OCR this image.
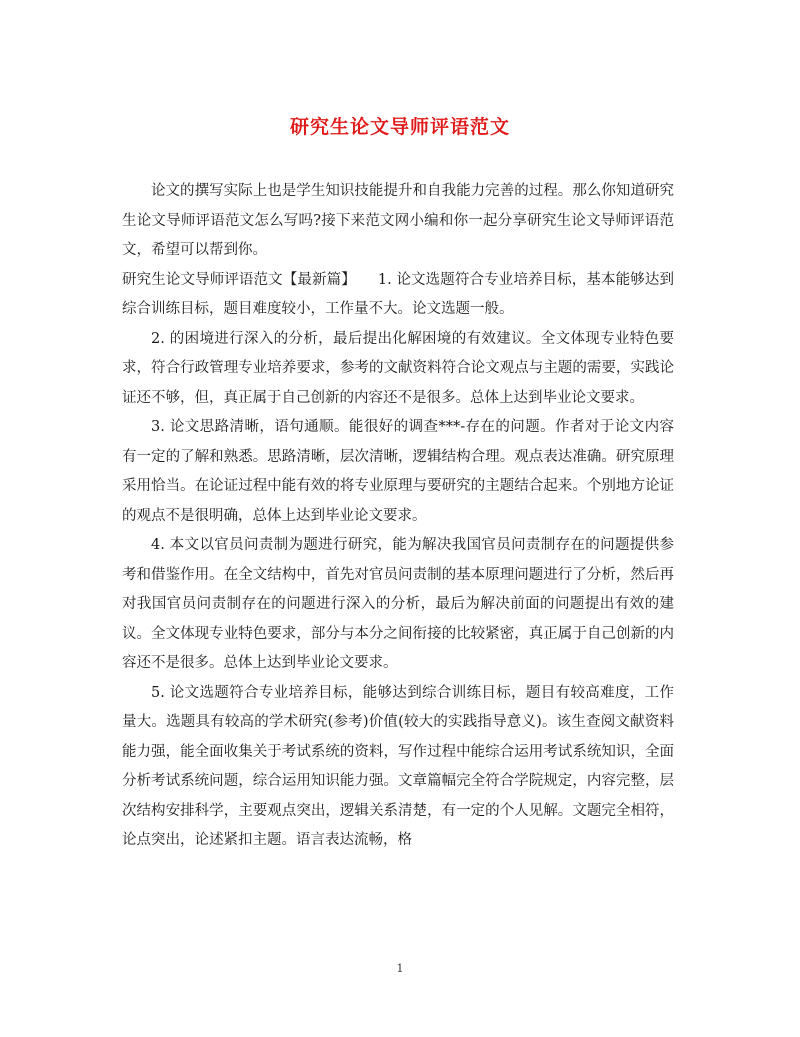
研究生论文导师评语范文

论文的撰写实际上也是学生知识技能提升和自我能力完善的过程。那么你知道研究生论文导师评语范文怎么写吗?接下来范文网小编和你一起分享研究生论文导师评语范文，希望可以帮到你。

研究生论文导师评语范文【最新篇】　　1. 论文选题符合专业培养目标，基本能够达到综合训练目标，题目难度较小，工作量不大。论文选题一般。

2. 的困境进行深入的分析，最后提出化解困境的有效建议。全文体现专业特色要求，符合行政管理专业培养要求，参考的文献资料符合论文观点与主题的需要，实践论证还不够，但，真正属于自己创新的内容还不是很多。总体上达到毕业论文要求。

3. 论文思路清晰，语句通顺。能很好的调查***-存在的问题。作者对于论文内容有一定的了解和熟悉。思路清晰，层次清晰，逻辑结构合理。观点表达准确。研究原理采用恰当。在论证过程中能有效的将专业原理与要研究的主题结合起来。个别地方论证的观点不是很明确，总体上达到毕业论文要求。

4. 本文以官员问责制为题进行研究，能为解决我国官员问责制存在的问题提供参考和借鉴作用。在全文结构中，首先对官员问责制的基本原理问题进行了分析，然后再对我国官员问责制存在的问题进行深入的分析，最后为解决前面的问题提出有效的建议。全文体现专业特色要求，部分与本分之间衔接的比较紧密，真正属于自己创新的内容还不是很多。总体上达到毕业论文要求。

5. 论文选题符合专业培养目标，能够达到综合训练目标，题目有较高难度，工作量大。选题具有较高的学术研究(参考)价值(较大的实践指导意义)。该生查阅文献资料能力强，能全面收集关于考试系统的资料，写作过程中能综合运用考试系统知识，全面分析考试系统问题，综合运用知识能力强。文章篇幅完全符合学院规定，内容完整，层次结构安排科学，主要观点突出，逻辑关系清楚，有一定的个人见解。文题完全相符，论点突出，论述紧扣主题。语言表达流畅，格

1
